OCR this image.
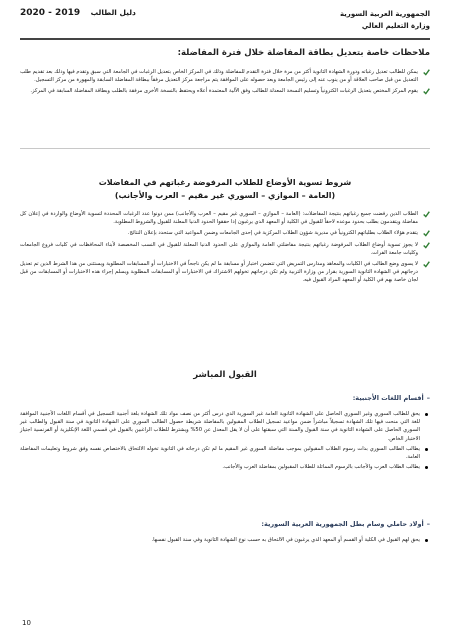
الجمهورية العربية السورية
وزارة التعليم العالي
2020 - 2019 دليل الطالب
ملاحظات خاصة بتعديل بطاقة المفاضلة خلال فترة المفاضلة:
يمكن للطالب تعديل رغباته ودورة الشهادة الثانوية أكثر من مرة خلال فترة التقدم للمفاضلة وذلك في المركز الخاص بتعديل الرغبات في الجامعة التي سبق وتقدم فيها وذلك بعد تقديم طلب التعديل من قبل صاحب العلاقة أو من ينوب عنه إلى رئيس الجامعة وبعد حصوله على الموافقة يتم مراجعة مركز التعديل مرفقاً ببطاقة المفاضلة السابقة والمهورة من مركز التسجيل.
يقوم المركز المختص بتعديل الرغبات الكترونياً وتسليم النسخة المعدلة للطالب وفق الآلية المعتمدة أعلاه ويحتفظ بالنسخة الأخرى مرفقة بالطلب وبطاقة المفاضلة السابقة في المركز.
شروط تسوية الأوضاع للطلاب المرفوضة رغباتهم في المفاضلات
(العامة – الموازي – السوري غير مقيم – العرب والأجانب)
الطلاب الذين رفضت جميع رغباتهم بنتيجة المفاضلات: (العامة – الموازي – السوري غير مقيم – العرب والأجانب) ممن دونوا عدد الرغبات المحددة لتسوية الأوضاع والواردة في إعلان كل مفاضلة ويتقدمون بطلب بحدود موعده لاحقاً للقبول في الكلية أو المعهد الذي يرغبون إذا حققوا الحدود الدنيا المعلنة للقبول والشروط المطلوبة.
يتقدم هؤلاء الطلاب بطلباتهم الكترونياً في مديرية شؤون الطلاب المركزية في إحدى الجامعات وضمن المواعيد التي ستحدد بإعلان النتائج.
لا يجوز تسوية أوضاع الطلاب المرفوضة رغباتهم بنتيجة مفاضلتي العامة والموازي على الحدود الدنيا المعلنة للقبول في النسب المخصصة لأبناء المحافظات في كليات فروع الجامعات وكليات جامعة الفرات.
لا يسوى وضع الطالب في الكليات والمعاهد ومدارس التمريض التي تتضمن اختبار أو مسابقة ما لم يكن ناجحاً في الاختبارات أو المسابقات المطلوبة ويستثنى من هذا الشرط الذين تم تعديل درجاتهم في الشهادة الثانوية السورية بقرار من وزارة التربية ولم تكن درجاتهم تخولهم الاشتراك في الاختبارات أو المسابقات المطلوبة ويسلم إجراء هذه الاختبارات أو المسابقات من قبل لجان خاصة بهم في الكلية أو المعهد المراد القبول فيه.
القبول المباشر
–أقسام اللغات الأجنبية:
يحق للطالب السوري وغير السوري الحاصل على الشهادة الثانوية العامة غير السورية الذي درس أكثر من نصف مواد تلك الشهادة بلغة أجنبية التسجيل في أقسام اللغات الأجنبية الموافقة للغة التي منحت فيها تلك الشهادة تسجيلاً مباشراً ضمن مواعيد تسجيل الطلاب المقبولين بالمفاضلة شريطة حصول الطالب السوري على الشهادة الثانوية في سنة القبول والطالب غير السوري الحاصل على الشهادة الثانوية في سنة القبول والسنة التي سبقتها على أن لا يقل المعدل عن 50% ويشترط للطلاب الراغبين بالقبول في قسمي اللغة الإنكليزية أو الفرنسية اجتياز الاختبار الخاص.
يطالب الطالب السوري بذات رسوم الطلاب المقبولين بموجب مفاضلة السوري غير المقيم ما لم تكن درجاته في الثانوية تخوله الالتحاق بالاختصاص نفسه وفق شروط وتعليمات المفاضلة العامة.
يطالب الطلاب العرب والأجانب بالرسوم المماثلة للطلاب المقبولين بمفاضلة العرب والأجانب.
–أولاد حاملي وسام بطل الجمهورية العربية السورية:
يحق لهم القبول في الكلية أو القسم أو المعهد الذي يرغبون في الالتحاق به حسب نوع الشهادة الثانوية وفي سنة القبول نفسها.
10
